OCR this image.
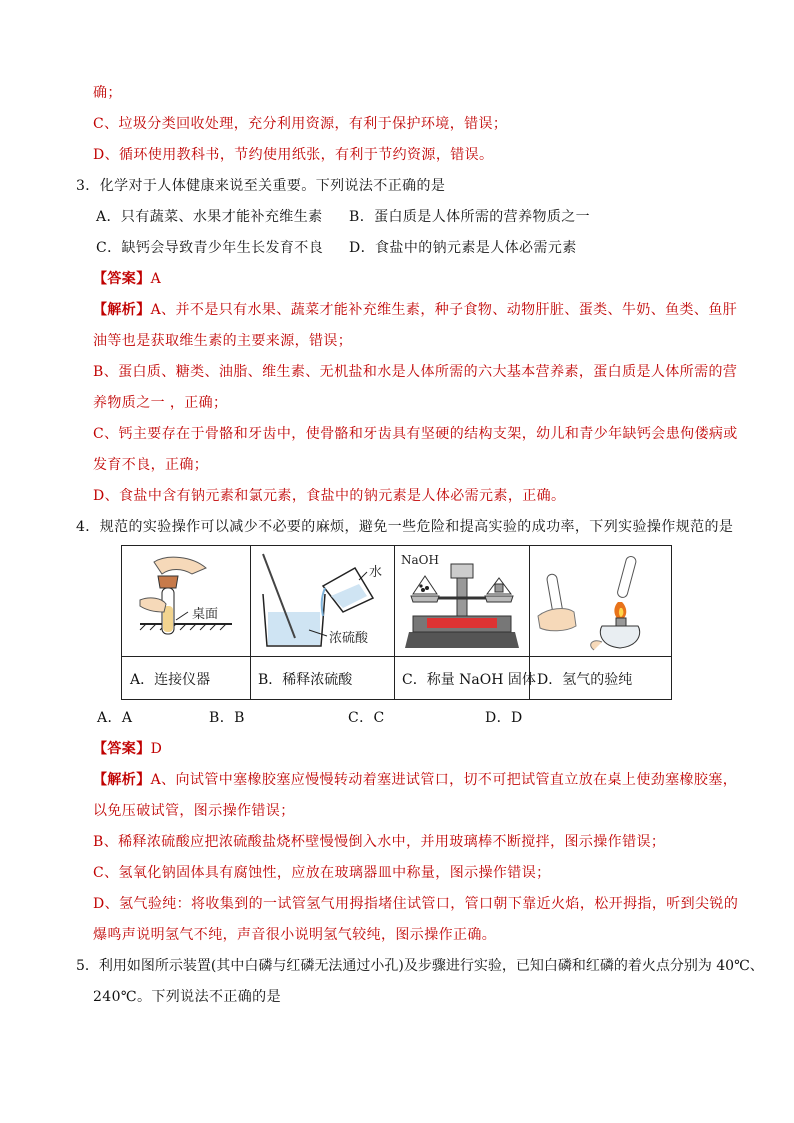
确；
C、垃圾分类回收处理，充分利用资源，有利于保护环境，错误；
D、循环使用教科书，节约使用纸张，有利于节约资源，错误。
3．化学对于人体健康来说至关重要。下列说法不正确的是
A．只有蔬菜、水果才能补充维生素 B．蛋白质是人体所需的营养物质之一
C．缺钙会导致青少年生长发育不良 D．食盐中的钠元素是人体必需元素
【答案】A
【解析】A、并不是只有水果、蔬菜才能补充维生素，种子食物、动物肝脏、蛋类、牛奶、鱼类、鱼肝
油等也是获取维生素的主要来源，错误；
B、蛋白质、糖类、油脂、维生素、无机盐和水是人体所需的六大基本营养素，蛋白质是人体所需的营
养物质之一 ，正确；
C、钙主要存在于骨骼和牙齿中，使骨骼和牙齿具有坚硬的结构支架，幼儿和青少年缺钙会患佝偻病或
发育不良，正确；
D、食盐中含有钠元素和氯元素，食盐中的钠元素是人体必需元素，正确。
4．规范的实验操作可以减少不必要的麻烦，避免一些危险和提高实验的成功率，下列实验操作规范的是
桌面
水
浓硫酸
NaOH
A．连接仪器	B．稀释浓硫酸	C．称量 NaOH 固体 D．氢气的验纯
A．A	B．B	C．C	D．D
【答案】D
【解析】A、向试管中塞橡胶塞应慢慢转动着塞进试管口，切不可把试管直立放在桌上使劲塞橡胶塞，
以免压破试管，图示操作错误；
B、稀释浓硫酸应把浓硫酸盐烧杯壁慢慢倒入水中，并用玻璃棒不断搅拌，图示操作错误；
C、氢氧化钠固体具有腐蚀性，应放在玻璃器皿中称量，图示操作错误；
D、氢气验纯：将收集到的一试管氢气用拇指堵住试管口，管口朝下靠近火焰，松开拇指，听到尖锐的
爆鸣声说明氢气不纯，声音很小说明氢气较纯，图示操作正确。
5．利用如图所示装置(其中白磷与红磷无法通过小孔)及步骤进行实验，已知白磷和红磷的着火点分别为 40℃、
240℃。下列说法不正确的是
